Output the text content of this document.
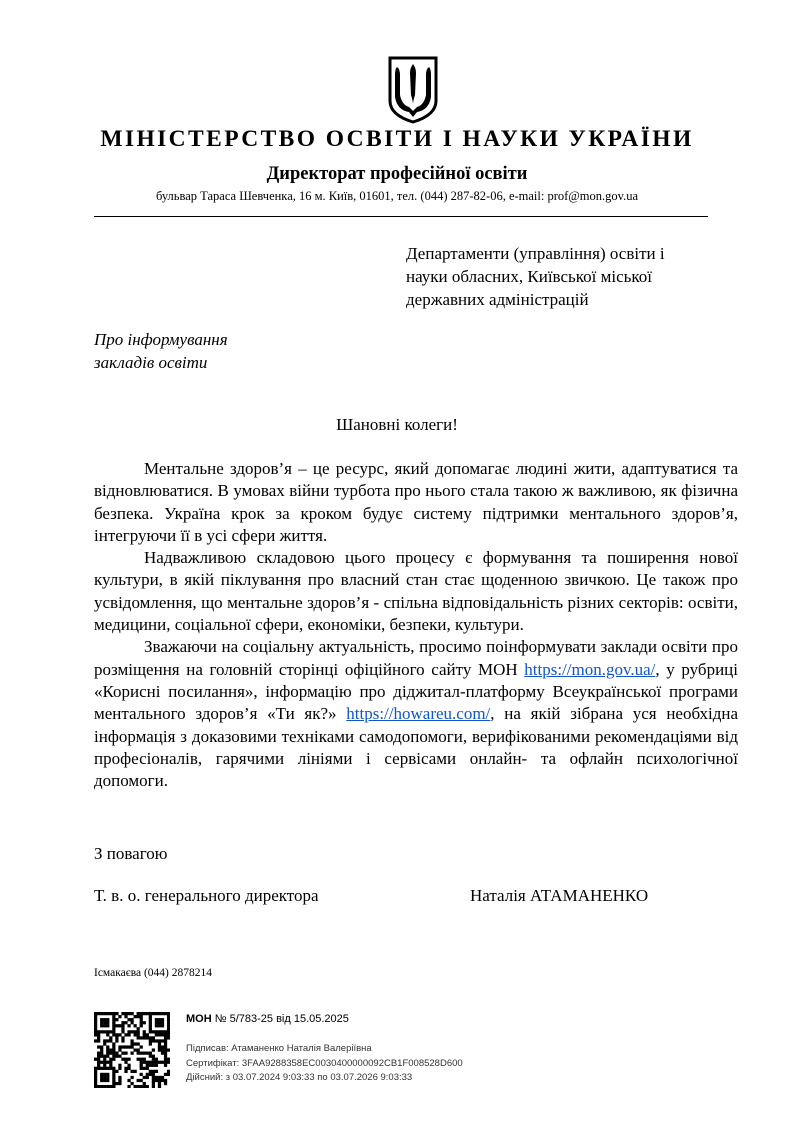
МІНІСТЕРСТВО ОСВІТИ І НАУКИ УКРАЇНИ
Директорат професійної освіти
бульвар Тараса Шевченка, 16 м. Київ, 01601, тел. (044) 287-82-06, e-mail: prof@mon.gov.ua
Департаменти (управління) освіти і
науки обласних, Київської міської
державних адміністрацій
Про інформування
закладів освіти
Шановні колеги!

Ментальне здоров’я – це ресурс, який допомагає людині жити, адаптуватися та відновлюватися. В умовах війни турбота про нього стала такою ж важливою, як фізична безпека. Україна крок за кроком будує систему підтримки ментального здоров’я, інтегруючи її в усі сфери життя.

Надважливою складовою цього процесу є формування та поширення нової культури, в якій піклування про власний стан стає щоденною звичкою. Це також про усвідомлення, що ментальне здоров’я - спільна відповідальність різних секторів: освіти, медицини, соціальної сфери, економіки, безпеки, культури.

Зважаючи на соціальну актуальність, просимо поінформувати заклади освіти про розміщення на головній сторінці офіційного сайту МОН https://mon.gov.ua/, у рубриці «Корисні посилання», інформацію про діджитал-платформу Всеукраїнської програми ментального здоров’я «Ти як?» https://howareu.com/, на якій зібрана уся необхідна інформація з доказовими техніками самодопомоги, верифікованими рекомендаціями від професіоналів, гарячими лініями і сервісами онлайн- та офлайн психологічної допомоги.

З повагою
Т. в. о. генерального директора	Наталія АТАМАНЕНКО
Ісмакаєва (044) 2878214
МОН № 5/783-25 від 15.05.2025
Підписав: Атаманенко Наталія Валеріївна
Сертифікат: 3FAA9288358EC0030400000092CB1F008528D600
Дійсний: з 03.07.2024 9:03:33 по 03.07.2026 9:03:33
